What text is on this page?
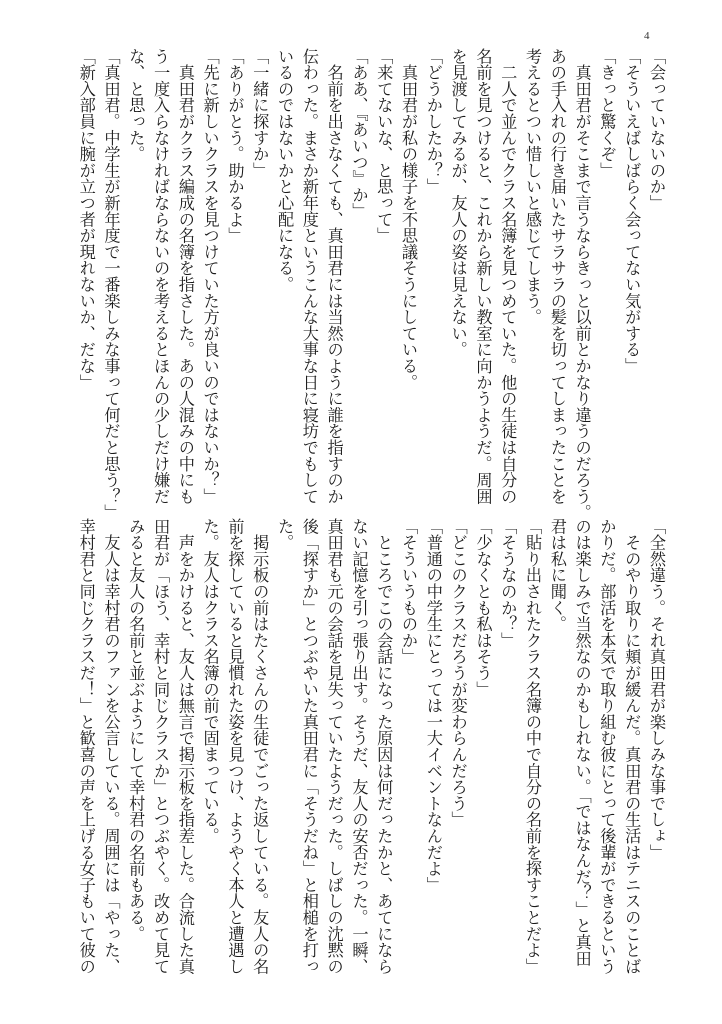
4
「会っていないのか」
「そういえばしばらく会ってない気がする」
「きっと驚くぞ」
　真田君がそこまで言うならきっと以前とかなり違うのだろう。
あの手入れの行き届いたサラサラの髪を切ってしまったことを
考えるとつい惜しいと感じてしまう。
　二人で並んでクラス名簿を見つめていた。他の生徒は自分の
名前を見つけると、これから新しい教室に向かうようだ。周囲
を見渡してみるが、友人の姿は見えない。
「どうかしたか？」
　真田君が私の様子を不思議そうにしている。
「来てないな、と思って」
「ああ、『あいつ』か」
　名前を出さなくても、真田君には当然のように誰を指すのか
伝わった。まさか新年度というこんな大事な日に寝坊でもして
いるのではないかと心配になる。
「一緒に探すか」
「ありがとう。助かるよ」
「先に新しいクラスを見つけていた方が良いのではないか？」
　真田君がクラス編成の名簿を指さした。あの人混みの中にも
う一度入らなければならないのを考えるとほんの少しだけ嫌だ
な、と思った。
「真田君。中学生が新年度で一番楽しみな事って何だと思う？」
「新入部員に腕が立つ者が現れないか、だな」
「全然違う。それ真田君が楽しみな事でしょ」
　そのやり取りに頬が緩んだ。真田君の生活はテニスのことば
かりだ。部活を本気で取り組む彼にとって後輩ができるという
のは楽しみで当然なのかもしれない。「ではなんだ？」と真田
君は私に聞く。
「貼り出されたクラス名簿の中で自分の名前を探すことだよ」
「そうなのか？」
「少なくとも私はそう」
「どこのクラスだろうが変わらんだろう」
「普通の中学生にとっては一大イベントなんだよ」
「そういうものか」
　ところでこの会話になった原因は何だったかと、あてになら
ない記憶を引っ張り出す。そうだ、友人の安否だった。一瞬、
真田君も元の会話を見失っていたようだった。しばしの沈黙の
後「探すか」とつぶやいた真田君に「そうだね」と相槌を打っ
た。
　掲示板の前はたくさんの生徒でごった返している。友人の名
前を探していると見慣れた姿を見つけ、ようやく本人と遭遇し
た。友人はクラス名簿の前で固まっている。
　声をかけると、友人は無言で掲示板を指差した。合流した真
田君が「ほう、幸村と同じクラスか」とつぶやく。改めて見て
みると友人の名前と並ぶようにして幸村君の名前もある。
　友人は幸村君のファンを公言している。周囲には「やった、
幸村君と同じクラスだ！」と歓喜の声を上げる女子もいて彼の
